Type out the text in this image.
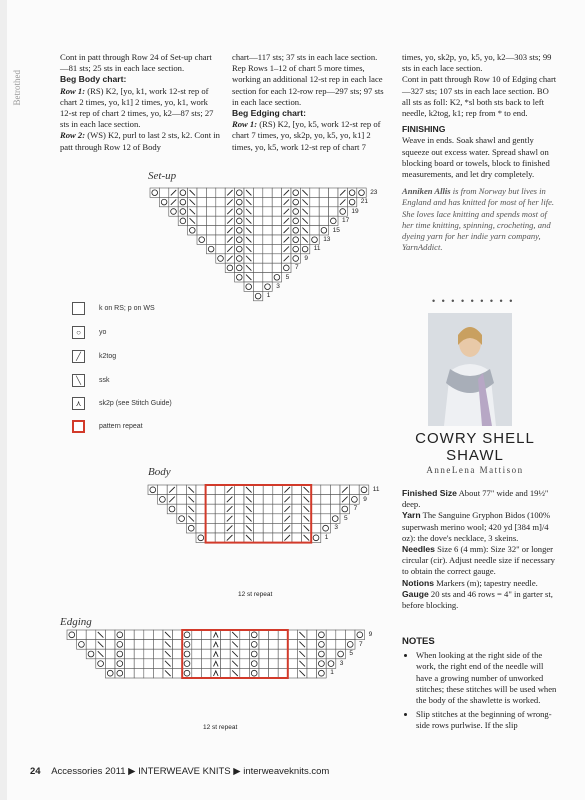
Betrothed

Cont in patt through Row 24 of Set-up chart—81 sts; 25 sts in each lace section.

Beg Body chart:

Row 1: (RS) K2, [yo, k1, work 12-st rep of chart 2 times, yo, k1] 2 times, yo, k1, work 12-st rep of chart 2 times, yo, k2—87 sts; 27 sts in each lace section.

Row 2: (WS) K2, purl to last 2 sts, k2. Cont in patt through Row 12 of Body

chart—117 sts; 37 sts in each lace section. Rep Rows 1–12 of chart 5 more times, working an additional 12-st rep in each lace section for each 12-row rep—297 sts; 97 sts in each lace section.

Beg Edging chart:

Row 1: (RS) K2, [yo, k5, work 12-st rep of chart 7 times, yo, sk2p, yo, k5, yo, k1] 2 times, yo, k5, work 12-st rep of chart 7

times, yo, sk2p, yo, k5, yo, k2—303 sts; 99 sts in each lace section.

Cont in patt through Row 10 of Edging chart—327 sts; 107 sts in each lace section. BO all sts as foll: K2, *sl both sts back to left needle, k2tog, k1; rep from * to end.

FINISHING

Weave in ends. Soak shawl and gently squeeze out excess water. Spread shawl on blocking board or towels, block to finished measurements, and let dry completely.

Anniken Allis is from Norway but lives in England and has knitted for most of her life. She loves lace knitting and spends most of her time knitting, spinning, crocheting, and dyeing yarn for her indie yarn company, YarnAddict.

• • • • • • • • •
COWRY SHELL
SHAWL
AnneLena Mattison

Finished Size About 77" wide and 19½" deep.

Yarn The Sanguine Gryphon Bidos (100% superwash merino wool; 420 yd [384 m]/4 oz): the dove's necklace, 3 skeins.

Needles Size 6 (4 mm): Size 32" or longer circular (cir). Adjust needle size if necessary to obtain the correct gauge.

Notions Markers (m); tapestry needle.

Gauge 20 sts and 46 rows = 4" in garter st, before blocking.

NOTES

• When looking at the right side of the work, the right end of the needle will have a growing number of unworked stitches; these stitches will be used when the body of the shawlette is worked.
• Slip stitches at the beginning of wrong-side rows purlwise. If the slip
Set-up
Body
Edging
23
21
19
17
15
13
11
9
7
5
3
1
11
9
7
5
3
1
9
7
5
3
1
12 st repeat
12 st repeat
k on RS; p on WS
○	yo
╱	k2tog
╲	ssk
⋏	sk2p (see Stitch Guide)
pattern repeat
24 Accessories 2011 ▶ INTERWEAVE KNITS ▶ interweaveknits.com
